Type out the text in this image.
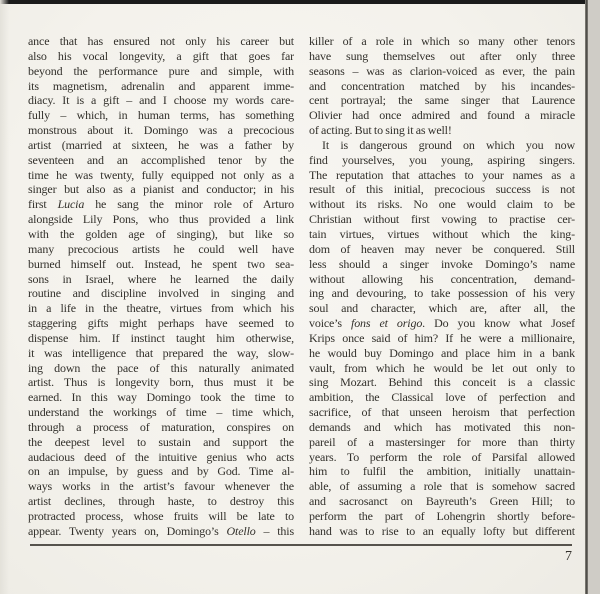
ance that has ensured not only his career but
also his vocal longevity, a gift that goes far
beyond the performance pure and simple, with
its magnetism, adrenalin and apparent imme-
diacy. It is a gift – and I choose my words care-
fully – which, in human terms, has something
monstrous about it. Domingo was a precocious
artist (married at sixteen, he was a father by
seventeen and an accomplished tenor by the
time he was twenty, fully equipped not only as a
singer but also as a pianist and conductor; in his
first Lucia he sang the minor role of Arturo
alongside Lily Pons, who thus provided a link
with the golden age of singing), but like so
many precocious artists he could well have
burned himself out. Instead, he spent two sea-
sons in Israel, where he learned the daily
routine and discipline involved in singing and
in a life in the theatre, virtues from which his
staggering gifts might perhaps have seemed to
dispense him. If instinct taught him otherwise,
it was intelligence that prepared the way, slow-
ing down the pace of this naturally animated
artist. Thus is longevity born, thus must it be
earned. In this way Domingo took the time to
understand the workings of time – time which,
through a process of maturation, conspires on
the deepest level to sustain and support the
audacious deed of the intuitive genius who acts
on an impulse, by guess and by God. Time al-
ways works in the artist’s favour whenever the
artist declines, through haste, to destroy this
protracted process, whose fruits will be late to
appear. Twenty years on, Domingo’s Otello – this
killer of a role in which so many other tenors
have sung themselves out after only three
seasons – was as clarion-voiced as ever, the pain
and concentration matched by his incandes-
cent portrayal; the same singer that Laurence
Olivier had once admired and found a miracle
of acting. But to sing it as well!
It is dangerous ground on which you now
find yourselves, you young, aspiring singers.
The reputation that attaches to your names as a
result of this initial, precocious success is not
without its risks. No one would claim to be
Christian without first vowing to practise cer-
tain virtues, virtues without which the king-
dom of heaven may never be conquered. Still
less should a singer invoke Domingo’s name
without allowing his concentration, demand-
ing and devouring, to take possession of his very
soul and character, which are, after all, the
voice’s fons et origo. Do you know what Josef
Krips once said of him? If he were a millionaire,
he would buy Domingo and place him in a bank
vault, from which he would be let out only to
sing Mozart. Behind this conceit is a classic
ambition, the Classical love of perfection and
sacrifice, of that unseen heroism that perfection
demands and which has motivated this non-
pareil of a mastersinger for more than thirty
years. To perform the role of Parsifal allowed
him to fulfil the ambition, initially unattain-
able, of assuming a role that is somehow sacred
and sacrosanct on Bayreuth’s Green Hill; to
perform the part of Lohengrin shortly before-
hand was to rise to an equally lofty but different
7
